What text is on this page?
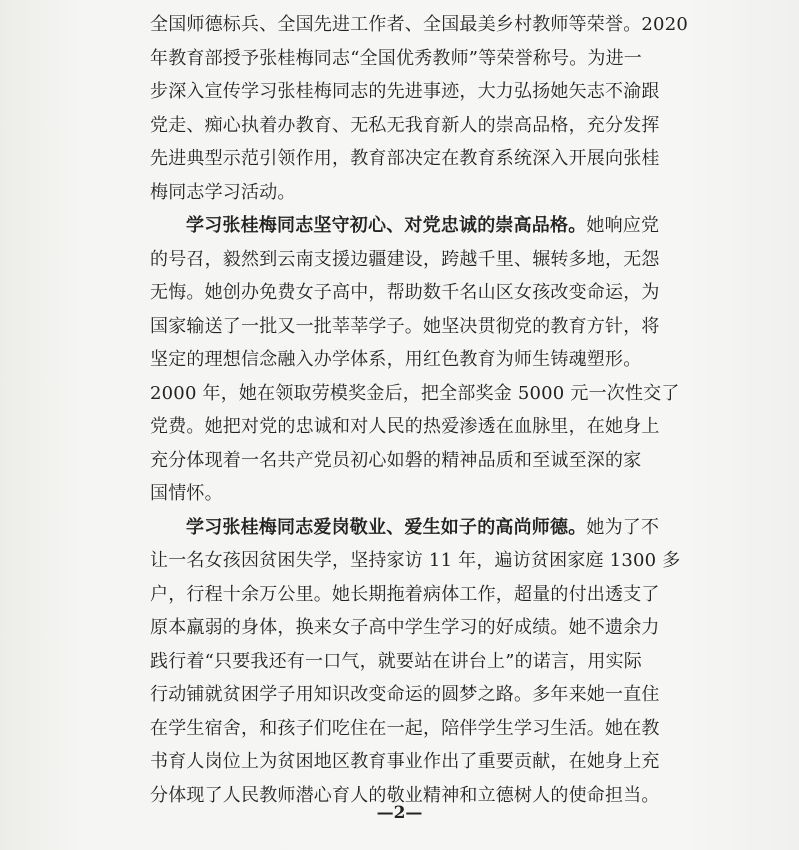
全国师德标兵、全国先进工作者、全国最美乡村教师等荣誉。2020
年教育部授予张桂梅同志“全国优秀教师”等荣誉称号。为进一
步深入宣传学习张桂梅同志的先进事迹，大力弘扬她矢志不渝跟
党走、痴心执着办教育、无私无我育新人的崇高品格，充分发挥
先进典型示范引领作用，教育部决定在教育系统深入开展向张桂
梅同志学习活动。
学习张桂梅同志坚守初心、对党忠诚的崇高品格。她响应党
的号召，毅然到云南支援边疆建设，跨越千里、辗转多地，无怨
无悔。她创办免费女子高中，帮助数千名山区女孩改变命运，为
国家输送了一批又一批莘莘学子。她坚决贯彻党的教育方针，将
坚定的理想信念融入办学体系，用红色教育为师生铸魂塑形。
2000 年，她在领取劳模奖金后，把全部奖金 5000 元一次性交了
党费。她把对党的忠诚和对人民的热爱渗透在血脉里，在她身上
充分体现着一名共产党员初心如磐的精神品质和至诚至深的家
国情怀。
学习张桂梅同志爱岗敬业、爱生如子的高尚师德。她为了不
让一名女孩因贫困失学，坚持家访 11 年，遍访贫困家庭 1300 多
户，行程十余万公里。她长期拖着病体工作，超量的付出透支了
原本羸弱的身体，换来女子高中学生学习的好成绩。她不遗余力
践行着“只要我还有一口气，就要站在讲台上”的诺言，用实际
行动铺就贫困学子用知识改变命运的圆梦之路。多年来她一直住
在学生宿舍，和孩子们吃住在一起，陪伴学生学习生活。她在教
书育人岗位上为贫困地区教育事业作出了重要贡献，在她身上充
分体现了人民教师潜心育人的敬业精神和立德树人的使命担当。
—2—
